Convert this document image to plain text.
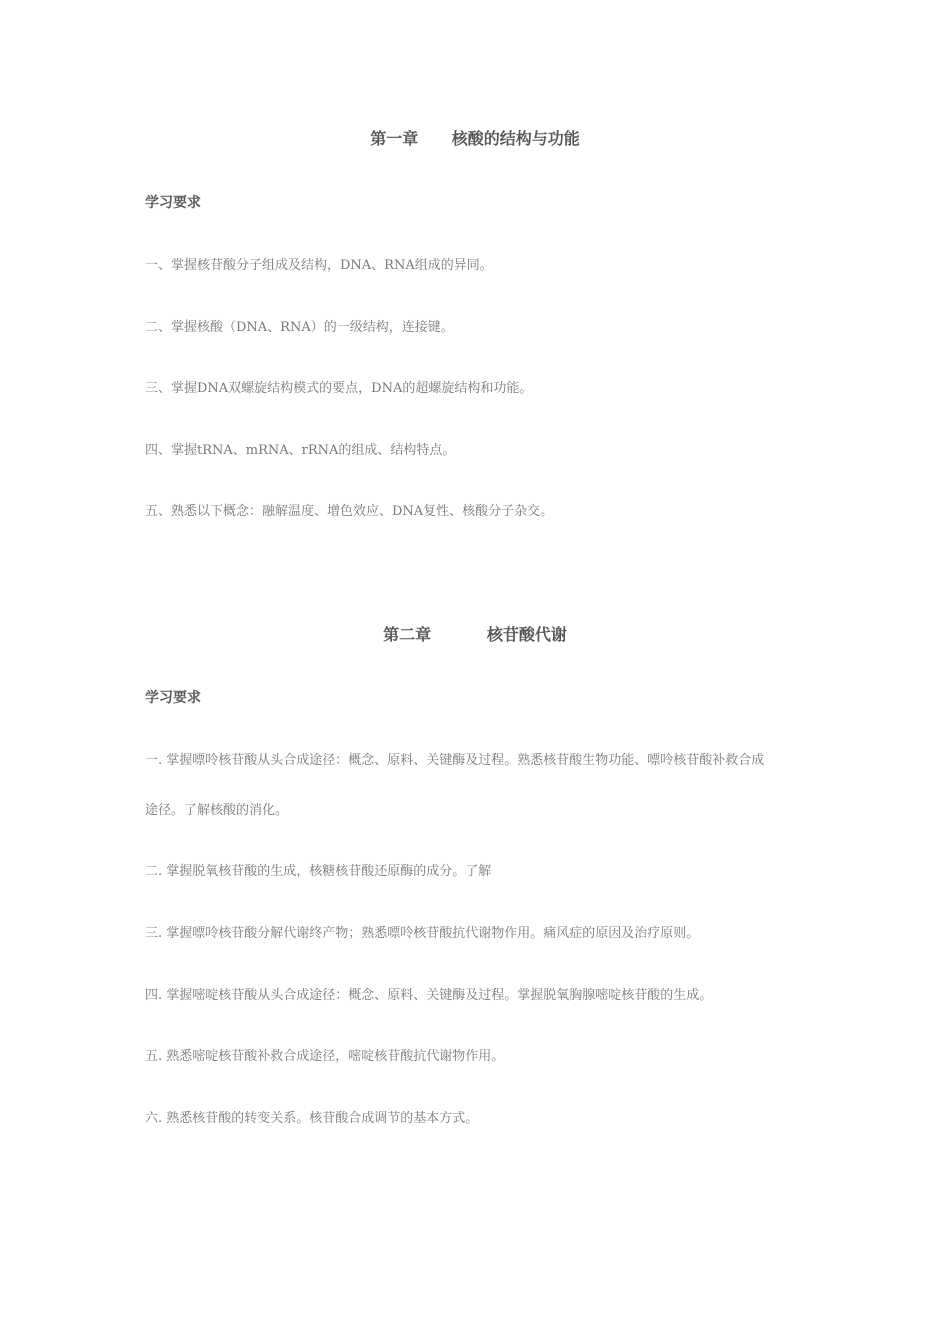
第一章      核酸的结构与功能
学习要求
一、掌握核苷酸分子组成及结构，DNA、RNA组成的异同。
二、掌握核酸（DNA、RNA）的一级结构，连接键。
三、掌握DNA双螺旋结构模式的要点，DNA的超螺旋结构和功能。
四、掌握tRNA、mRNA、rRNA的组成、结构特点。
五、熟悉以下概念：融解温度、增色效应、DNA复性、核酸分子杂交。
第二章          核苷酸代谢
学习要求
一. 掌握嘌呤核苷酸从头合成途径：概念、原料、关键酶及过程。熟悉核苷酸生物功能、嘌呤核苷酸补救合成
途径。了解核酸的消化。
二. 掌握脱氧核苷酸的生成，核糖核苷酸还原酶的成分。了解
三. 掌握嘌呤核苷酸分解代谢终产物；熟悉嘌呤核苷酸抗代谢物作用。痛风症的原因及治疗原则。
四. 掌握嘧啶核苷酸从头合成途径：概念、原料、关键酶及过程。掌握脱氧胸腺嘧啶核苷酸的生成。
五. 熟悉嘧啶核苷酸补救合成途径，嘧啶核苷酸抗代谢物作用。
六. 熟悉核苷酸的转变关系。核苷酸合成调节的基本方式。
